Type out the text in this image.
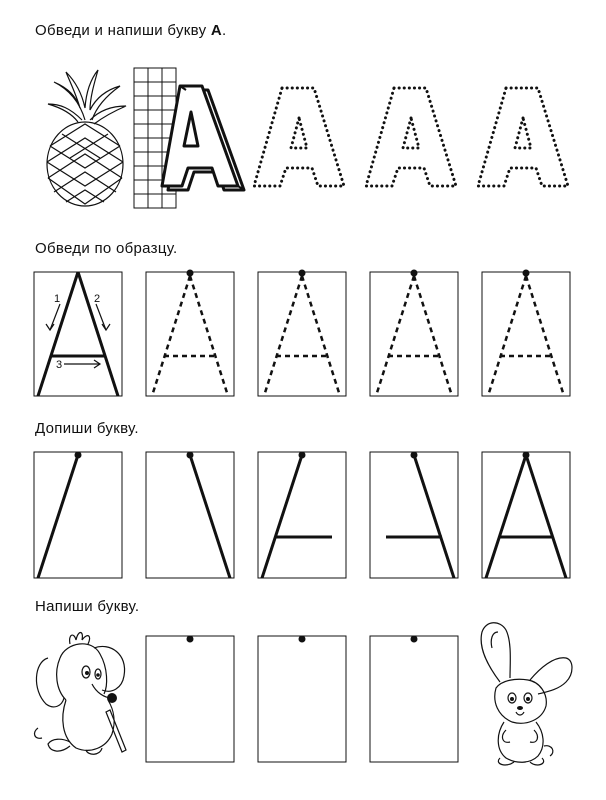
Обведи и напиши букву А.
Обведи по образцу.
Допиши букву.
Напиши букву.
1	2
3
